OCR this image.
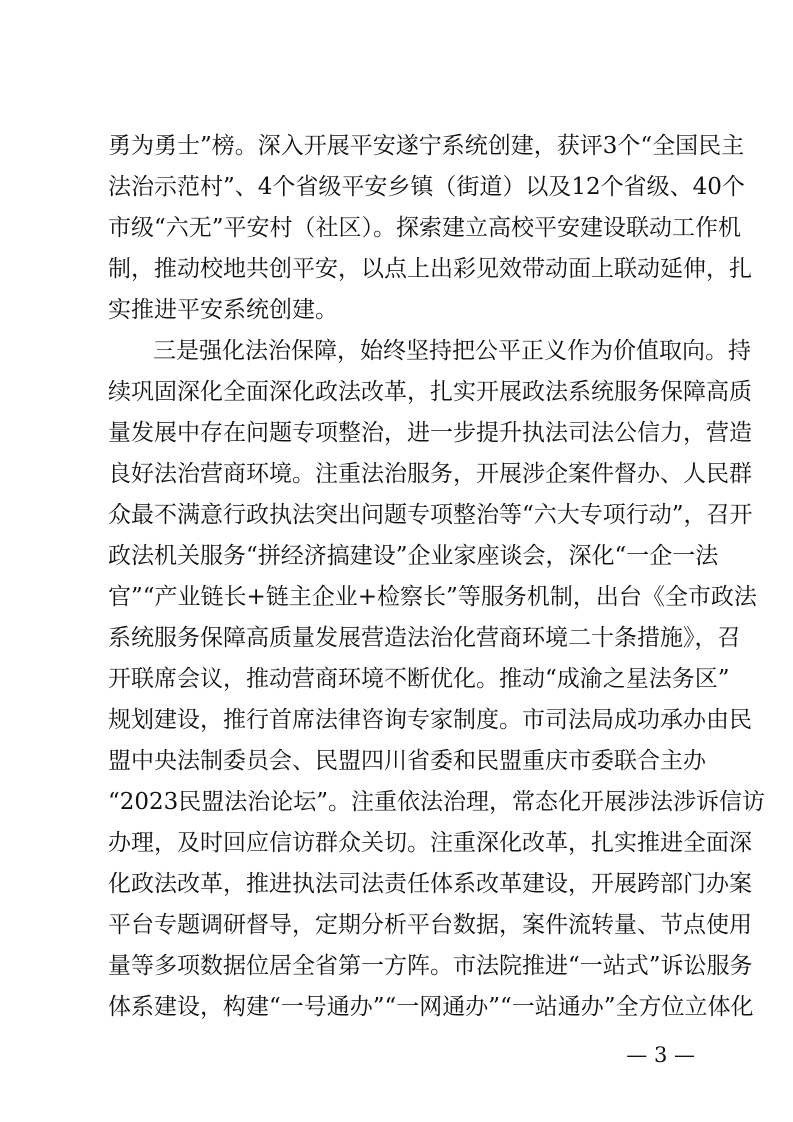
勇为勇士”榜。深入开展平安遂宁系统创建，获评3个“全国民主
法治示范村”、4个省级平安乡镇（街道）以及12个省级、40个
市级“六无”平安村（社区）。探索建立高校平安建设联动工作机
制，推动校地共创平安，以点上出彩见效带动面上联动延伸，扎
实推进平安系统创建。
三是强化法治保障，始终坚持把公平正义作为价值取向。持
续巩固深化全面深化政法改革，扎实开展政法系统服务保障高质
量发展中存在问题专项整治，进一步提升执法司法公信力，营造
良好法治营商环境。注重法治服务，开展涉企案件督办、人民群
众最不满意行政执法突出问题专项整治等“六大专项行动”，召开
政法机关服务“拼经济搞建设”企业家座谈会，深化“一企一法
官”“产业链长+链主企业+检察长”等服务机制，出台《全市政法
系统服务保障高质量发展营造法治化营商环境二十条措施》，召
开联席会议，推动营商环境不断优化。推动“成渝之星法务区”
规划建设，推行首席法律咨询专家制度。市司法局成功承办由民
盟中央法制委员会、民盟四川省委和民盟重庆市委联合主办
“2023民盟法治论坛”。注重依法治理，常态化开展涉法涉诉信访
办理，及时回应信访群众关切。注重深化改革，扎实推进全面深
化政法改革，推进执法司法责任体系改革建设，开展跨部门办案
平台专题调研督导，定期分析平台数据，案件流转量、节点使用
量等多项数据位居全省第一方阵。市法院推进“一站式”诉讼服务
体系建设，构建“一号通办”“一网通办”“一站通办”全方位立体化
— 3 —
